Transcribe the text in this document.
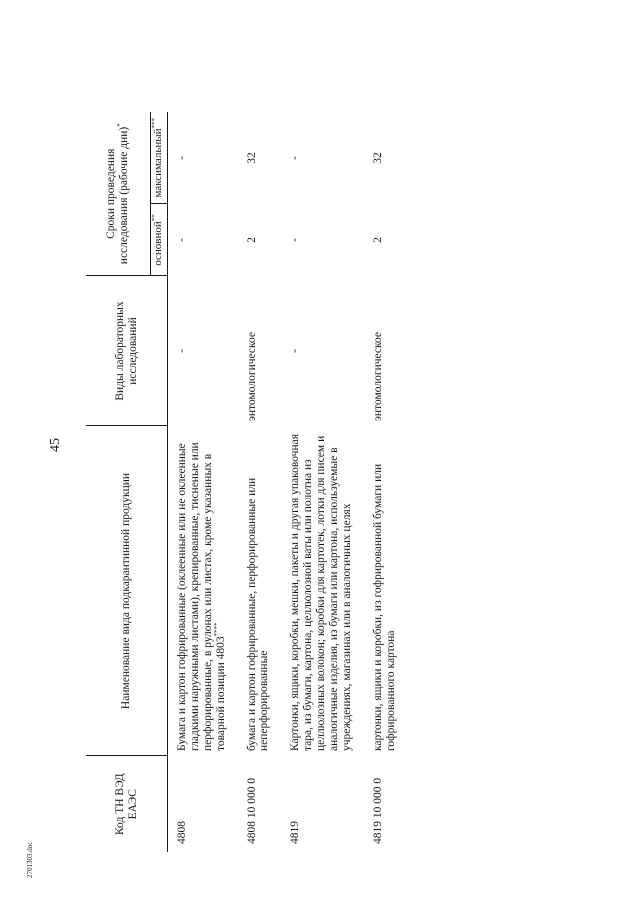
45
Код ТН ВЭД ЕАЭС	Наименование вида подкарантинной продукции	Виды лабораторных исследований	Сроки проведения исследования (рабочие дни)*
			основной**	максимальный***
4808	Бумага и картон гофрированные (оклеенные или не оклеенные гладкими наружными листами), крепированные, тисненые или перфорированные, в рулонах или листах, кроме указанных в товарной позиции 4803****	-	-	-
4808 10 000 0	бумага и картон гофрированные, перфорированные или неперфорированные	энтомологическое	2	32
4819	Картонки, ящики, коробки, мешки, пакеты и другая упаковочная тара, из бумаги, картона, целлюлозной ваты или полотна из целлюлозных волокон; коробки для картотек, лотки для писем и аналогичные изделия, из бумаги или картона, используемые в учреждениях, магазинах или в аналогичных целях	-	-	-
4819 10 000 0	картонки, ящики и коробки, из гофрированной бумаги или гофрированного картона	энтомологическое	2	32
2701303.doc
